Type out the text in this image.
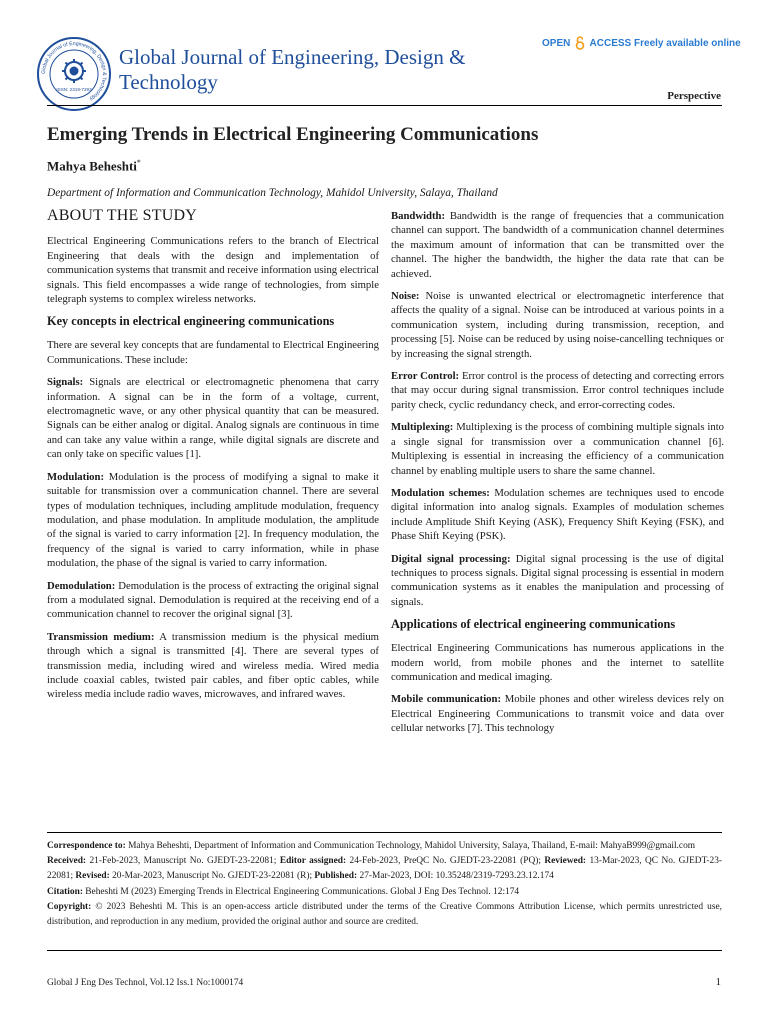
Global Journal of Engineering, Design & Technology
ISSN: 2319-7293
Global Journal of Engineering, Design & Technology
OPEN ACCESS Freely available online
Perspective
Emerging Trends in Electrical Engineering Communications
Mahya Beheshti*
Department of Information and Communication Technology, Mahidol University, Salaya, Thailand
ABOUT THE STUDY

Electrical Engineering Communications refers to the branch of Electrical Engineering that deals with the design and implementation of communication systems that transmit and receive information using electrical signals. This field encompasses a wide range of technologies, from simple telegraph systems to complex wireless networks.

Key concepts in electrical engineering communications

There are several key concepts that are fundamental to Electrical Engineering Communications. These include:

Signals: Signals are electrical or electromagnetic phenomena that carry information. A signal can be in the form of a voltage, current, electromagnetic wave, or any other physical quantity that can be measured. Signals can be either analog or digital. Analog signals are continuous in time and can take any value within a range, while digital signals are discrete and can only take on specific values [1].

Modulation: Modulation is the process of modifying a signal to make it suitable for transmission over a communication channel. There are several types of modulation techniques, including amplitude modulation, frequency modulation, and phase modulation. In amplitude modulation, the amplitude of the signal is varied to carry information [2]. In frequency modulation, the frequency of the signal is varied to carry information, while in phase modulation, the phase of the signal is varied to carry information.

Demodulation: Demodulation is the process of extracting the original signal from a modulated signal. Demodulation is required at the receiving end of a communication channel to recover the original signal [3].

Transmission medium: A transmission medium is the physical medium through which a signal is transmitted [4]. There are several types of transmission media, including wired and wireless media. Wired media include coaxial cables, twisted pair cables, and fiber optic cables, while wireless media include radio waves, microwaves, and infrared waves.

Bandwidth: Bandwidth is the range of frequencies that a communication channel can support. The bandwidth of a communication channel determines the maximum amount of information that can be transmitted over the channel. The higher the bandwidth, the higher the data rate that can be achieved.

Noise: Noise is unwanted electrical or electromagnetic interference that affects the quality of a signal. Noise can be introduced at various points in a communication system, including during transmission, reception, and processing [5]. Noise can be reduced by using noise-cancelling techniques or by increasing the signal strength.

Error Control: Error control is the process of detecting and correcting errors that may occur during signal transmission. Error control techniques include parity check, cyclic redundancy check, and error-correcting codes.

Multiplexing: Multiplexing is the process of combining multiple signals into a single signal for transmission over a communication channel [6]. Multiplexing is essential in increasing the efficiency of a communication channel by enabling multiple users to share the same channel.

Modulation schemes: Modulation schemes are techniques used to encode digital information into analog signals. Examples of modulation schemes include Amplitude Shift Keying (ASK), Frequency Shift Keying (FSK), and Phase Shift Keying (PSK).

Digital signal processing: Digital signal processing is the use of digital techniques to process signals. Digital signal processing is essential in modern communication systems as it enables the manipulation and processing of signals.

Applications of electrical engineering communications

Electrical Engineering Communications has numerous applications in the modern world, from mobile phones and the internet to satellite communication and medical imaging.

Mobile communication: Mobile phones and other wireless devices rely on Electrical Engineering Communications to transmit voice and data over cellular networks [7]. This technology

Correspondence to: Mahya Beheshti, Department of Information and Communication Technology, Mahidol University, Salaya, Thailand, E-mail: MahyaB999@gmail.com

Received: 21-Feb-2023, Manuscript No. GJEDT-23-22081; Editor assigned: 24-Feb-2023, PreQC No. GJEDT-23-22081 (PQ); Reviewed: 13-Mar-2023, QC No. GJEDT-23-22081; Revised: 20-Mar-2023, Manuscript No. GJEDT-23-22081 (R); Published: 27-Mar-2023, DOI: 10.35248/2319-7293.23.12.174

Citation: Beheshti M (2023) Emerging Trends in Electrical Engineering Communications. Global J Eng Des Technol. 12:174

Copyright: © 2023 Beheshti M. This is an open-access article distributed under the terms of the Creative Commons Attribution License, which permits unrestricted use, distribution, and reproduction in any medium, provided the original author and source are credited.

Global J Eng Des Technol, Vol.12 Iss.1 No:1000174	1
